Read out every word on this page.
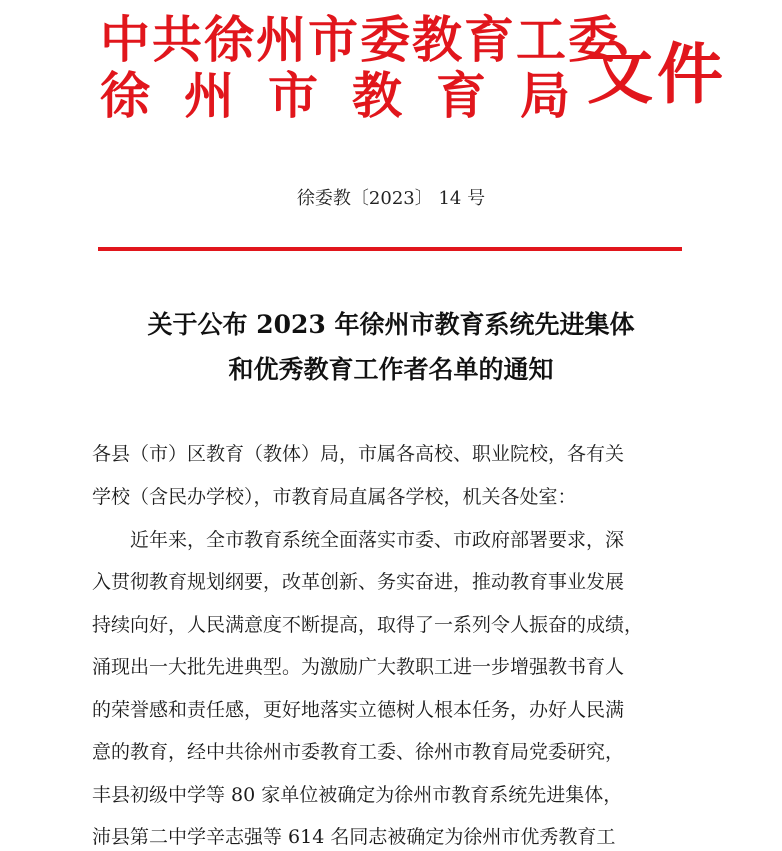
中共徐州市委教育工委
徐州市教育局
文件
徐委教〔2023〕 14 号
关于公布 2023 年徐州市教育系统先进集体
和优秀教育工作者名单的通知
各县（市）区教育（教体）局，市属各高校、职业院校，各有关
学校（含民办学校），市教育局直属各学校，机关各处室：
　　近年来，全市教育系统全面落实市委、市政府部署要求，深
入贯彻教育规划纲要，改革创新、务实奋进，推动教育事业发展
持续向好，人民满意度不断提高，取得了一系列令人振奋的成绩，
涌现出一大批先进典型。为激励广大教职工进一步增强教书育人
的荣誉感和责任感，更好地落实立德树人根本任务，办好人民满
意的教育，经中共徐州市委教育工委、徐州市教育局党委研究，
丰县初级中学等 80 家单位被确定为徐州市教育系统先进集体，
沛县第二中学辛志强等 614 名同志被确定为徐州市优秀教育工
